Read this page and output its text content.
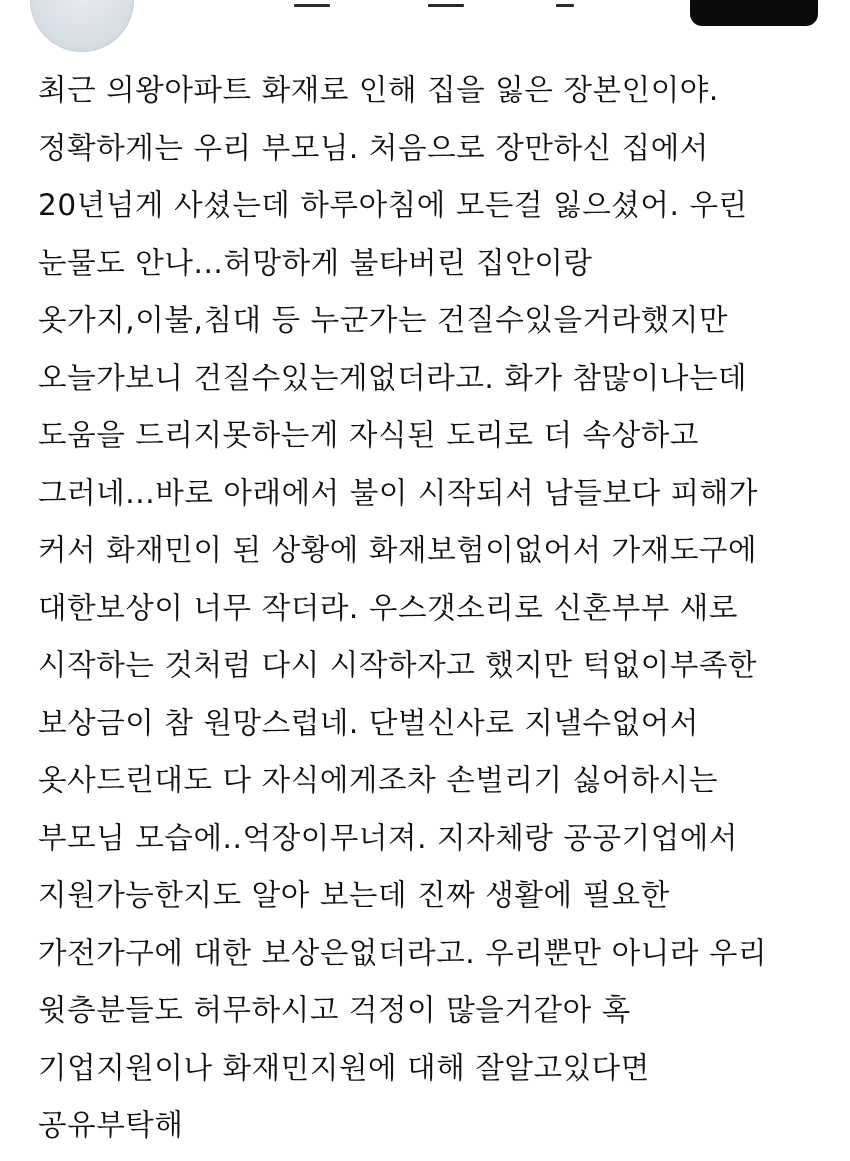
최근 의왕아파트 화재로 인해 집을 잃은 장본인이야.
정확하게는 우리 부모님. 처음으로 장만하신 집에서
20년넘게 사셨는데 하루아침에 모든걸 잃으셨어. 우린
눈물도 안나...허망하게 불타버린 집안이랑
옷가지,이불,침대 등 누군가는 건질수있을거라했지만
오늘가보니 건질수있는게없더라고. 화가 참많이나는데
도움을 드리지못하는게 자식된 도리로 더 속상하고
그러네...바로 아래에서 불이 시작되서 남들보다 피해가
커서 화재민이 된 상황에 화재보험이없어서 가재도구에
대한보상이 너무 작더라. 우스갯소리로 신혼부부 새로
시작하는 것처럼 다시 시작하자고 했지만 턱없이부족한
보상금이 참 원망스럽네. 단벌신사로 지낼수없어서
옷사드린대도 다 자식에게조차 손벌리기 싫어하시는
부모님 모습에..억장이무너져. 지자체랑 공공기업에서
지원가능한지도 알아 보는데 진짜 생활에 필요한
가전가구에 대한 보상은없더라고. 우리뿐만 아니라 우리
윗층분들도 허무하시고 걱정이 많을거같아 혹
기업지원이나 화재민지원에 대해 잘알고있다면
공유부탁해
